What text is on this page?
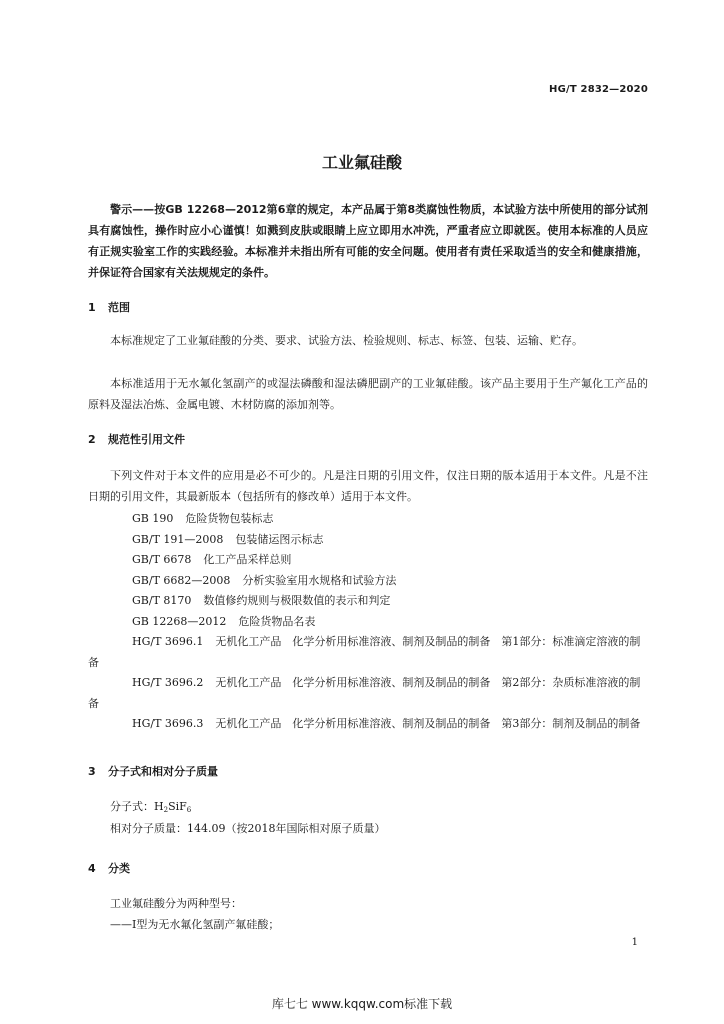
HG/T 2832—2020
工业氟硅酸
警示——按GB 12268—2012第6章的规定，本产品属于第8类腐蚀性物质，本试验方法中所使用的部分试剂具有腐蚀性，操作时应小心谨慎！如溅到皮肤或眼睛上应立即用水冲洗，严重者应立即就医。使用本标准的人员应有正规实验室工作的实践经验。本标准并未指出所有可能的安全问题。使用者有责任采取适当的安全和健康措施，并保证符合国家有关法规规定的条件。
1 范围
本标准规定了工业氟硅酸的分类、要求、试验方法、检验规则、标志、标签、包装、运输、贮存。
本标准适用于无水氟化氢副产的或湿法磷酸和湿法磷肥副产的工业氟硅酸。该产品主要用于生产氟化工产品的原料及湿法冶炼、金属电镀、木材防腐的添加剂等。
2 规范性引用文件
下列文件对于本文件的应用是必不可少的。凡是注日期的引用文件，仅注日期的版本适用于本文件。凡是不注日期的引用文件，其最新版本（包括所有的修改单）适用于本文件。
GB 190 危险货物包装标志
GB/T 191—2008 包装储运图示标志
GB/T 6678 化工产品采样总则
GB/T 6682—2008 分析实验室用水规格和试验方法
GB/T 8170 数值修约规则与极限数值的表示和判定
GB 12268—2012 危险货物品名表
HG/T 3696.1 无机化工产品　化学分析用标准溶液、制剂及制品的制备　第1部分：标准滴定溶液的制备
HG/T 3696.2 无机化工产品　化学分析用标准溶液、制剂及制品的制备　第2部分：杂质标准溶液的制备
HG/T 3696.3 无机化工产品　化学分析用标准溶液、制剂及制品的制备　第3部分：制剂及制品的制备
3 分子式和相对分子质量
分子式：$H_2SiF_6$
相对分子质量：144.09（按2018年国际相对原子质量）
4 分类
工业氟硅酸分为两种型号：
——Ⅰ型为无水氟化氢副产氟硅酸；
1
库七七 www.kqqw.com标准下载
